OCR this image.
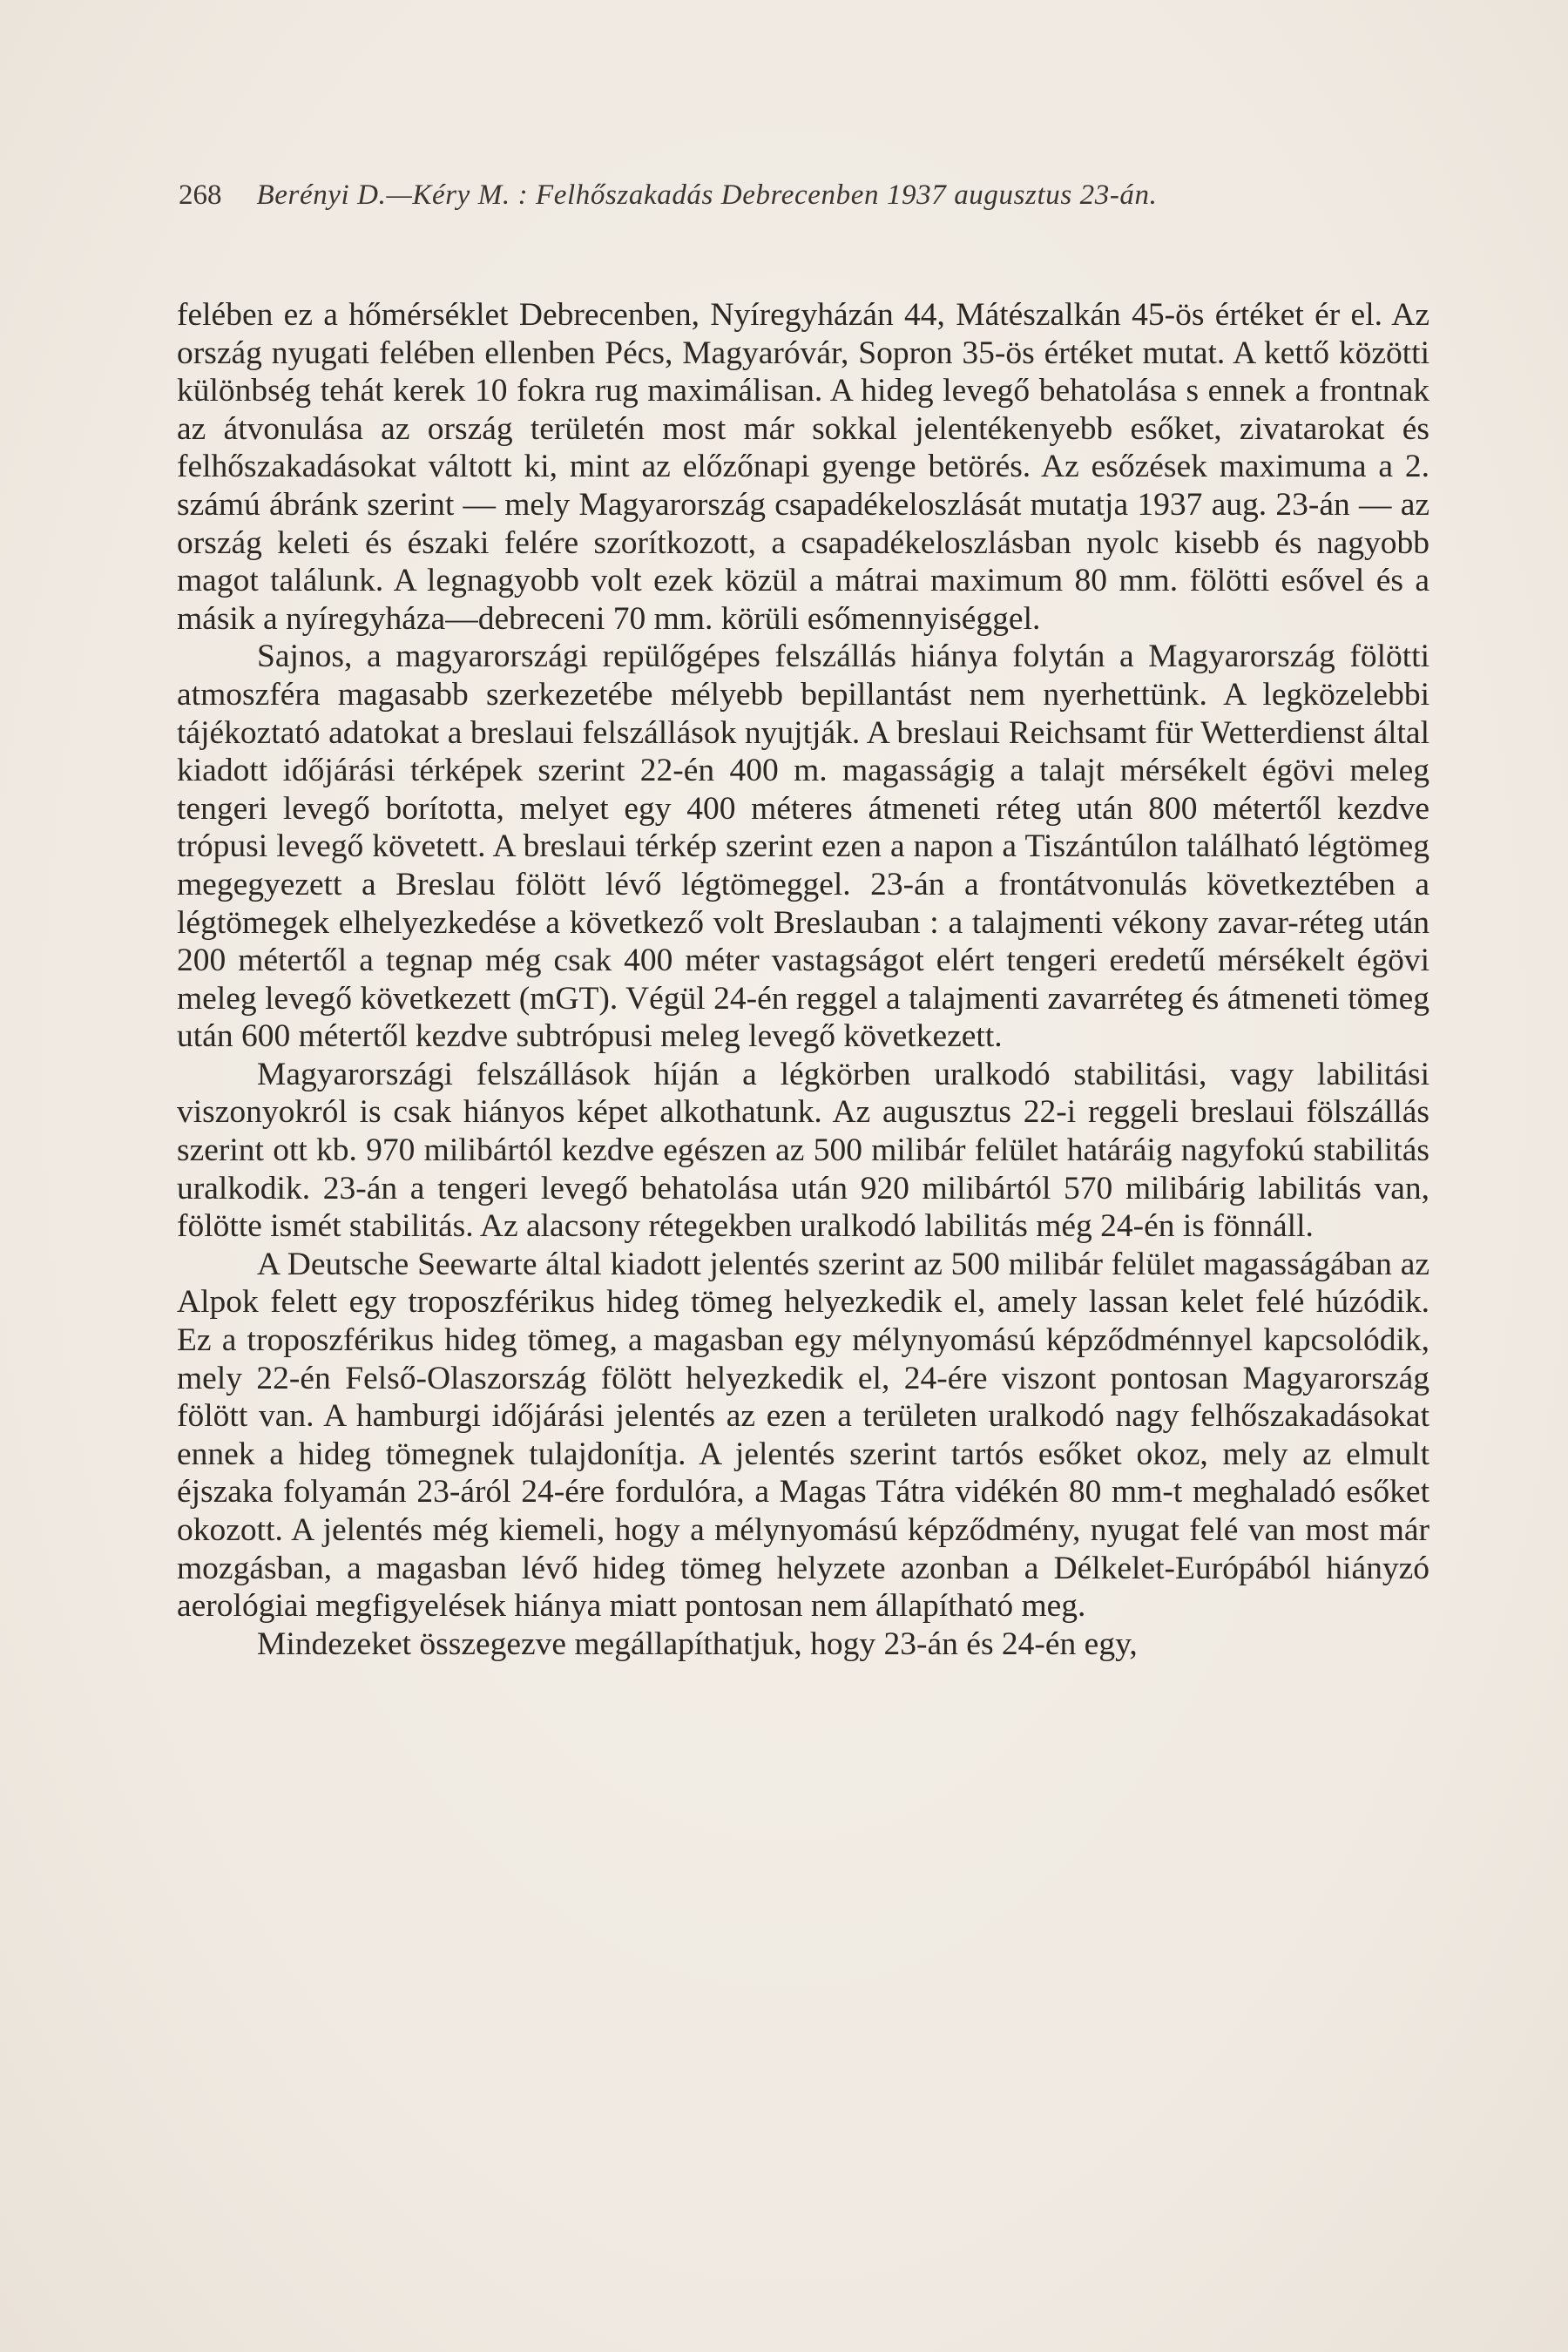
268 Berényi D.—Kéry M. : Felhőszakadás Debrecenben 1937 augusztus 23-án.

felében ez a hőmérséklet Debrecenben, Nyíregyházán 44, Mátészalkán 45-ös értéket ér el. Az ország nyugati felében ellenben Pécs, Magyaróvár, Sopron 35-ös értéket mutat. A kettő közötti különbség tehát kerek 10 fokra rug maximálisan. A hideg levegő behatolása s ennek a frontnak az átvonulása az ország területén most már sokkal jelentékenyebb esőket, zivatarokat és felhőszakadásokat váltott ki, mint az előzőnapi gyenge betörés. Az esőzések maximuma a 2. számú ábránk szerint — mely Magyarország csapadékeloszlását mutatja 1937 aug. 23-án — az ország keleti és északi felére szorítkozott, a csapadékeloszlásban nyolc kisebb és nagyobb magot találunk. A legnagyobb volt ezek közül a mátrai maximum 80 mm. fölötti esővel és a másik a nyíregyháza—debreceni 70 mm. körüli esőmennyiséggel.

Sajnos, a magyarországi repülőgépes felszállás hiánya folytán a Magyarország fölötti atmoszféra magasabb szerkezetébe mélyebb bepillantást nem nyerhettünk. A legközelebbi tájékoztató adatokat a breslaui felszállások nyujtják. A breslaui Reichsamt für Wetterdienst által kiadott időjárási térképek szerint 22-én 400 m. magasságig a talajt mérsékelt égövi meleg tengeri levegő borította, melyet egy 400 méteres átmeneti réteg után 800 métertől kezdve trópusi levegő követett. A breslaui térkép szerint ezen a napon a Tiszántúlon található légtömeg megegyezett a Breslau fölött lévő légtömeggel. 23-án a frontátvonulás következtében a légtömegek elhelyezkedése a következő volt Breslauban : a talajmenti vékony zavar-réteg után 200 métertől a tegnap még csak 400 méter vastagságot elért tengeri eredetű mérsékelt égövi meleg levegő következett (mGT). Végül 24-én reggel a talajmenti zavarréteg és átmeneti tömeg után 600 métertől kezdve subtrópusi meleg levegő következett.

Magyarországi felszállások híján a légkörben uralkodó stabilitási, vagy labilitási viszonyokról is csak hiányos képet alkothatunk. Az augusztus 22-i reggeli breslaui fölszállás szerint ott kb. 970 milibártól kezdve egészen az 500 milibár felület határáig nagyfokú stabilitás uralkodik. 23-án a tengeri levegő behatolása után 920 milibártól 570 milibárig labilitás van, fölötte ismét stabilitás. Az alacsony rétegekben uralkodó labilitás még 24-én is fönnáll.

A Deutsche Seewarte által kiadott jelentés szerint az 500 milibár felület magasságában az Alpok felett egy troposzférikus hideg tömeg helyezkedik el, amely lassan kelet felé húzódik. Ez a troposzférikus hideg tömeg, a magasban egy mélynyomású képződménnyel kapcsolódik, mely 22-én Felső-Olaszország fölött helyezkedik el, 24-ére viszont pontosan Magyarország fölött van. A hamburgi időjárási jelentés az ezen a területen uralkodó nagy felhőszakadásokat ennek a hideg tömegnek tulajdonítja. A jelentés szerint tartós esőket okoz, mely az elmult éjszaka folyamán 23-áról 24-ére fordulóra, a Magas Tátra vidékén 80 mm-t meghaladó esőket okozott. A jelentés még kiemeli, hogy a mélynyomású képződmény, nyugat felé van most már mozgásban, a magasban lévő hideg tömeg helyzete azonban a Délkelet-Európából hiányzó aerológiai megfigyelések hiánya miatt pontosan nem állapítható meg.

Mindezeket összegezve megállapíthatjuk, hogy 23-án és 24-én egy,
